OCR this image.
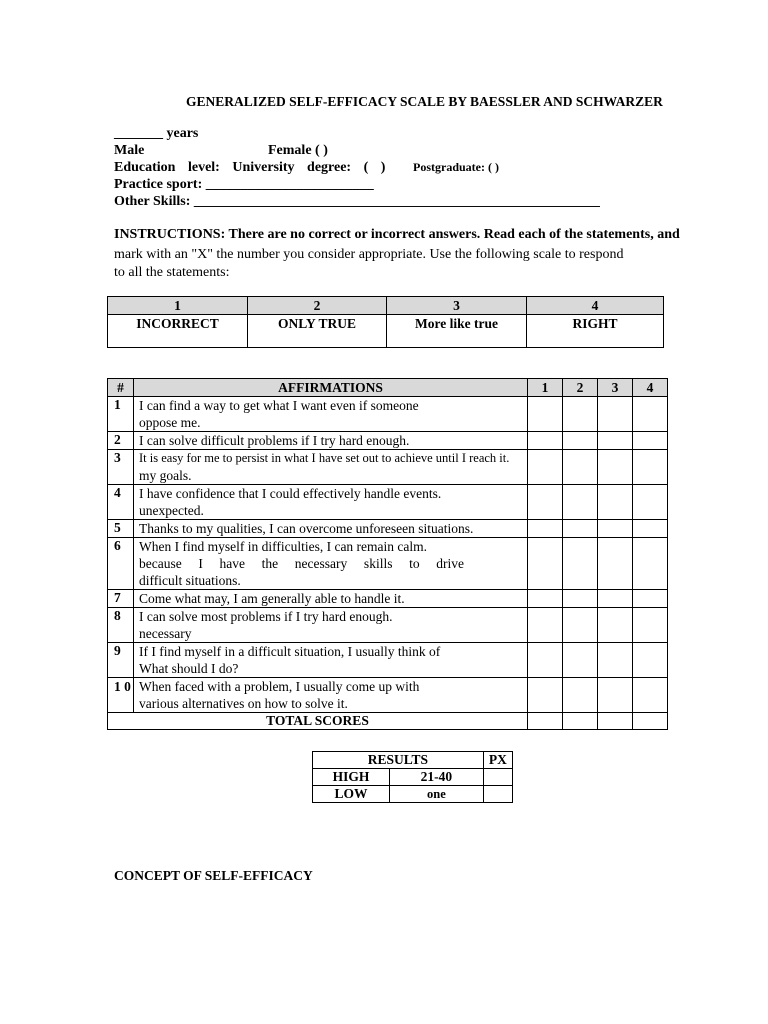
GENERALIZED SELF-EFFICACY SCALE BY BAESSLER AND SCHWARZER
_______ years
Male	Female ( )
Education level: University degree: ( ) Postgraduate: ( )
Practice sport: ________________________
Other Skills: __________________________________________________________
INSTRUCTIONS: There are no correct or incorrect answers. Read each of the statements, and
mark with an "X" the number you consider appropriate. Use the following scale to respond
to all the statements:
1	2	3	4
INCORRECT	ONLY TRUE	More like true	RIGHT
#	AFFIRMATIONS	1	2	3	4
1	I can find a way to get what I want even if someone
oppose me.				

2	I can solve difficult problems if I try hard enough.				

3	It is easy for me to persist in what I have set out to achieve until I reach it.
my goals.				

4	I have confidence that I could effectively handle events.
unexpected.				

5	Thanks to my qualities, I can overcome unforeseen situations.				

6	When I find myself in difficulties, I can remain calm.
because I have the necessary skills to drive
difficult situations.				

7	Come what may, I am generally able to handle it.				

8	I can solve most problems if I try hard enough.
necessary				

9	If I find myself in a difficult situation, I usually think of
What should I do?				

1 0	When faced with a problem, I usually come up with
various alternatives on how to solve it.				

TOTAL SCORES					
RESULTS		PX
HIGH	21-40	
LOW	one	
CONCEPT OF SELF-EFFICACY
